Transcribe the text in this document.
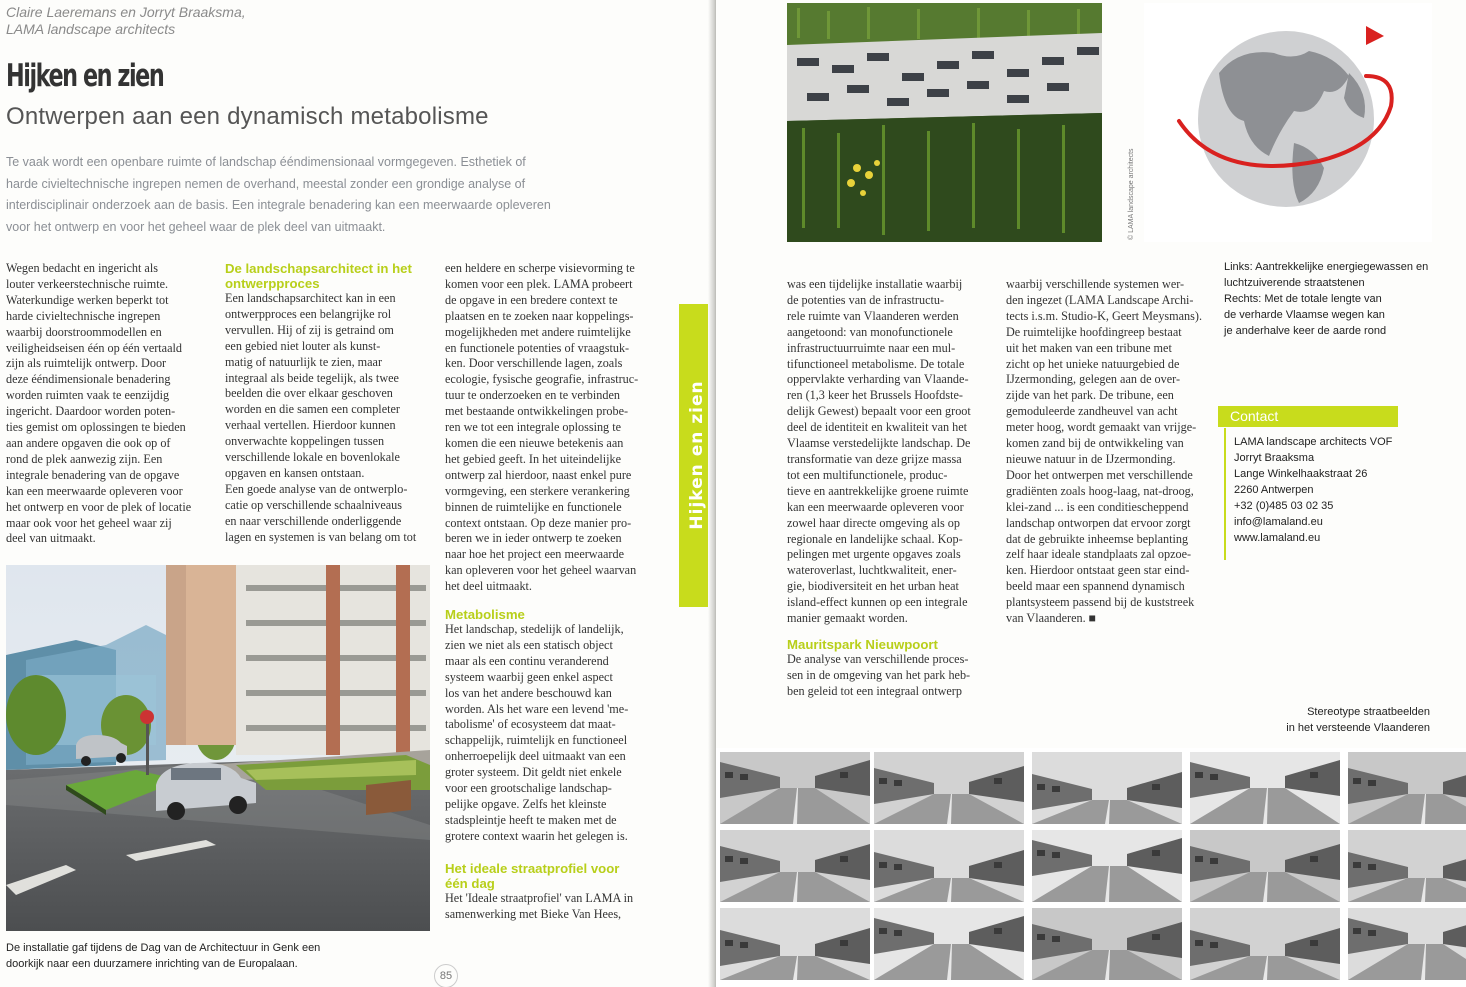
Claire Laeremans en Jorryt Braaksma,
LAMA landscape architects
Hijken en zien
Ontwerpen aan een dynamisch metabolisme
Te vaak wordt een openbare ruimte of landschap ééndimensionaal vormgegeven. Esthetiek of
harde civieltechnische ingrepen nemen de overhand, meestal zonder een grondige analyse of
interdisciplinair onderzoek aan de basis. Een integrale benadering kan een meerwaarde opleveren
voor het ontwerp en voor het geheel waar de plek deel van uitmaakt.
Wegen bedacht en ingericht als
louter verkeerstechnische ruimte.
Waterkundige werken beperkt tot
harde civieltechnische ingrepen
waarbij doorstroommodellen en
veiligheidseisen één op één vertaald
zijn als ruimtelijk ontwerp. Door
deze ééndimensionale benadering
worden ruimten vaak te eenzijdig
ingericht. Daardoor worden poten-
ties gemist om oplossingen te bieden
aan andere opgaven die ook op of
rond de plek aanwezig zijn. Een
integrale benadering van de opgave
kan een meerwaarde opleveren voor
het ontwerp en voor de plek of locatie
maar ook voor het geheel waar zij
deel van uitmaakt.
De landschapsarchitect in het
ontwerpproces
Een landschapsarchitect kan in een
ontwerpproces een belangrijke rol
vervullen. Hij of zij is getraind om
een gebied niet louter als kunst-
matig of natuurlijk te zien, maar
integraal als beide tegelijk, als twee
beelden die over elkaar geschoven
worden en die samen een completer
verhaal vertellen. Hierdoor kunnen
onverwachte koppelingen tussen
verschillende lokale en bovenlokale
opgaven en kansen ontstaan.
Een goede analyse van de ontwerplo-
catie op verschillende schaalniveaus
en naar verschillende onderliggende
lagen en systemen is van belang om tot
een heldere en scherpe visievorming te
komen voor een plek. LAMA probeert
de opgave in een bredere context te
plaatsen en te zoeken naar koppelings-
mogelijkheden met andere ruimtelijke
en functionele potenties of vraagstuk-
ken. Door verschillende lagen, zoals
ecologie, fysische geografie, infrastruc-
tuur te onderzoeken en te verbinden
met bestaande ontwikkelingen probe-
ren we tot een integrale oplossing te
komen die een nieuwe betekenis aan
het gebied geeft. In het uiteindelijke
ontwerp zal hierdoor, naast enkel pure
vormgeving, een sterkere verankering
binnen de ruimtelijke en functionele
context ontstaan. Op deze manier pro-
beren we in ieder ontwerp te zoeken
naar hoe het project een meerwaarde
kan opleveren voor het geheel waarvan
het deel uitmaakt.
Metabolisme
Het landschap, stedelijk of landelijk,
zien we niet als een statisch object
maar als een continu veranderend
systeem waarbij geen enkel aspect
los van het andere beschouwd kan
worden. Als het ware een levend 'me-
tabolisme' of ecosysteem dat maat-
schappelijk, ruimtelijk en functioneel
onherroepelijk deel uitmaakt van een
groter systeem. Dit geldt niet enkele
voor een grootschalige landschap-
pelijke opgave. Zelfs het kleinste
stadspleintje heeft te maken met de
grotere context waarin het gelegen is.
Het ideale straatprofiel voor
één dag
Het 'Ideale straatprofiel' van LAMA in
samenwerking met Bieke Van Hees,
De installatie gaf tijdens de Dag van de Architectuur in Genk een
doorkijk naar een duurzamere inrichting van de Europalaan.
85
Hijken en zien
© LAMA landscape architects
Links: Aantrekkelijke energiegewassen en
luchtzuiverende straatstenen
Rechts: Met de totale lengte van
de verharde Vlaamse wegen kan
je anderhalve keer de aarde rond
was een tijdelijke installatie waarbij
de potenties van de infrastructu-
rele ruimte van Vlaanderen werden
aangetoond: van monofunctionele
infrastructuurruimte naar een mul-
tifunctioneel metabolisme. De totale
oppervlakte verharding van Vlaande-
ren (1,3 keer het Brussels Hoofdste-
delijk Gewest) bepaalt voor een groot
deel de identiteit en kwaliteit van het
Vlaamse verstedelijkte landschap. De
transformatie van deze grijze massa
tot een multifunctionele, produc-
tieve en aantrekkelijke groene ruimte
kan een meerwaarde opleveren voor
zowel haar directe omgeving als op
regionale en landelijke schaal. Kop-
pelingen met urgente opgaves zoals
wateroverlast, luchtkwaliteit, ener-
gie, biodiversiteit en het urban heat
island-effect kunnen op een integrale
manier gemaakt worden.
Mauritspark Nieuwpoort
De analyse van verschillende proces-
sen in de omgeving van het park heb-
ben geleid tot een integraal ontwerp
waarbij verschillende systemen wer-
den ingezet (LAMA Landscape Archi-
tects i.s.m. Studio-K, Geert Meysmans).
De ruimtelijke hoofdingreep bestaat
uit het maken van een tribune met
zicht op het unieke natuurgebied de
IJzermonding, gelegen aan de over-
zijde van het park. De tribune, een
gemoduleerde zandheuvel van acht
meter hoog, wordt gemaakt van vrijge-
komen zand bij de ontwikkeling van
nieuwe natuur in de IJzermonding.
Door het ontwerpen met verschillende
gradiënten zoals hoog-laag, nat-droog,
klei-zand ... is een conditiescheppend
landschap ontworpen dat ervoor zorgt
dat de gebruikte inheemse beplanting
zelf haar ideale standplaats zal opzoe-
ken. Hierdoor ontstaat geen star eind-
beeld maar een spannend dynamisch
plantsysteem passend bij de kuststreek
van Vlaanderen. ■
Contact
LAMA landscape architects VOF
Jorryt Braaksma
Lange Winkelhaakstraat 26
2260 Antwerpen
+32 (0)485 03 02 35
info@lamaland.eu
www.lamaland.eu
Stereotype straatbeelden
in het versteende Vlaanderen
